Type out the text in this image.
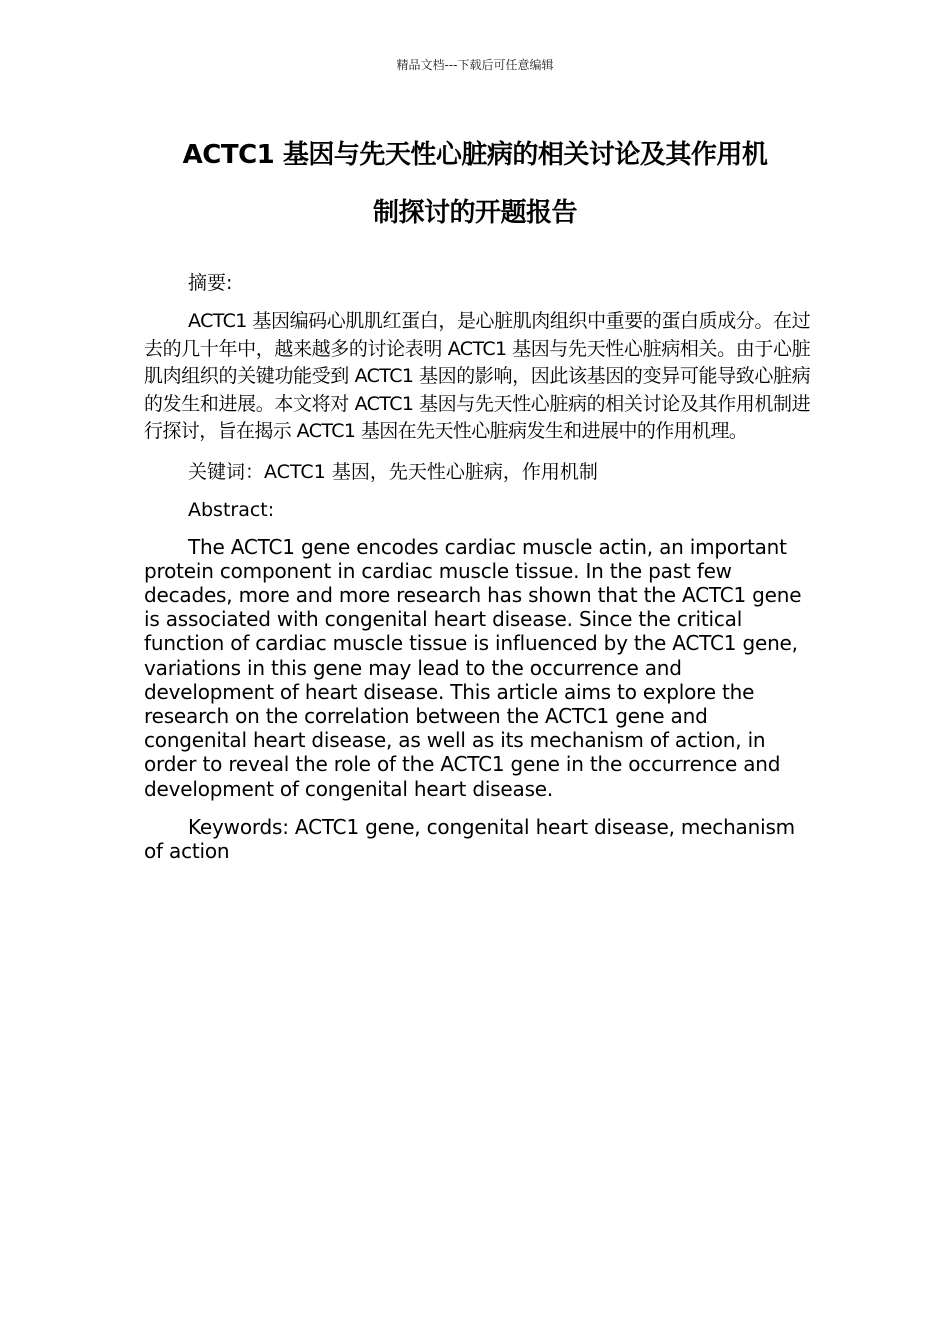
精品文档---下载后可任意编辑
ACTC1 基因与先天性心脏病的相关讨论及其作用机
制探讨的开题报告

摘要:

ACTC1 基因编码心肌肌红蛋白，是心脏肌肉组织中重要的蛋白质成分。在过去的几十年中，越来越多的讨论表明 ACTC1 基因与先天性心脏病相关。由于心脏肌肉组织的关键功能受到 ACTC1 基因的影响，因此该基因的变异可能导致心脏病的发生和进展。本文将对 ACTC1 基因与先天性心脏病的相关讨论及其作用机制进行探讨，旨在揭示 ACTC1 基因在先天性心脏病发生和进展中的作用机理。

关键词：ACTC1 基因，先天性心脏病，作用机制

Abstract:

The ACTC1 gene encodes cardiac muscle actin, an important protein component in cardiac muscle tissue. In the past few decades, more and more research has shown that the ACTC1 gene is associated with congenital heart disease. Since the critical function of cardiac muscle tissue is influenced by the ACTC1 gene, variations in this gene may lead to the occurrence and development of heart disease. This article aims to explore the research on the correlation between the ACTC1 gene and congenital heart disease, as well as its mechanism of action, in order to reveal the role of the ACTC1 gene in the occurrence and development of congenital heart disease.

Keywords: ACTC1 gene, congenital heart disease, mechanism of action
